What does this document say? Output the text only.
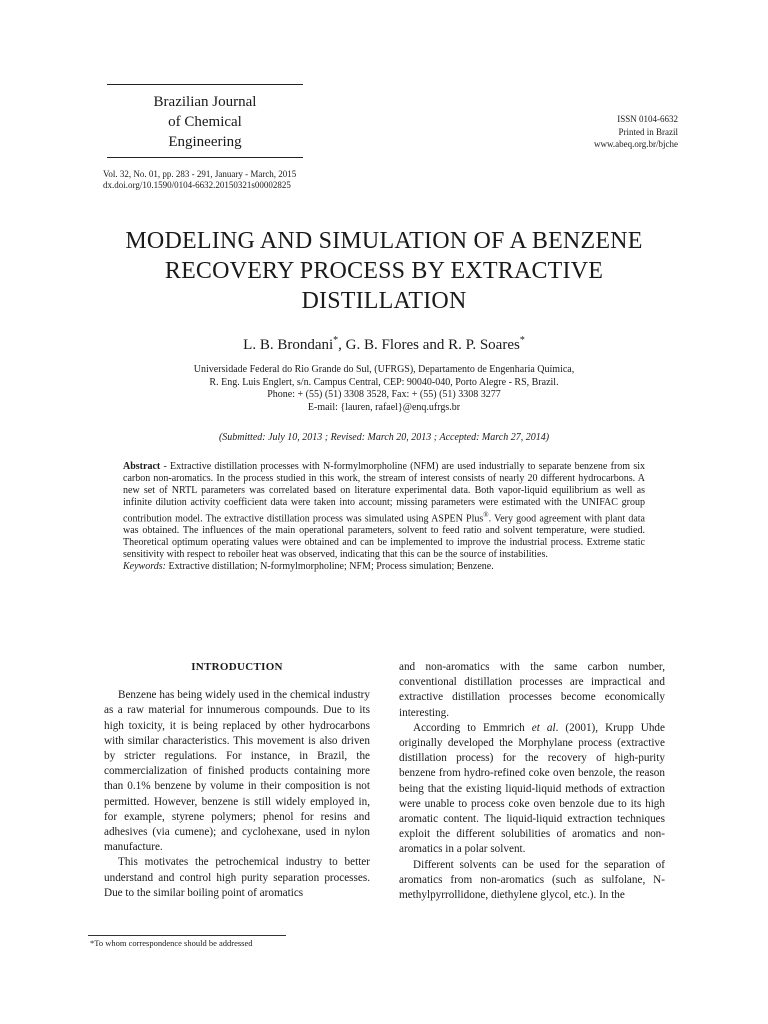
Brazilian Journal
of Chemical
Engineering
ISSN 0104-6632
Printed in Brazil
www.abeq.org.br/bjche
Vol. 32, No. 01, pp. 283 - 291, January - March, 2015
dx.doi.org/10.1590/0104-6632.20150321s00002825
MODELING AND SIMULATION OF A BENZENE
RECOVERY PROCESS BY EXTRACTIVE
DISTILLATION
L. B. Brondani*, G. B. Flores and R. P. Soares*
Universidade Federal do Rio Grande do Sul, (UFRGS), Departamento de Engenharia Química,
R. Eng. Luis Englert, s/n. Campus Central, CEP: 90040-040, Porto Alegre - RS, Brazil.
Phone: + (55) (51) 3308 3528, Fax: + (55) (51) 3308 3277
E-mail: {lauren, rafael}@enq.ufrgs.br
(Submitted: July 10, 2013 ; Revised: March 20, 2013 ; Accepted: March 27, 2014)
Abstract - Extractive distillation processes with N-formylmorpholine (NFM) are used industrially to separate benzene from six carbon non-aromatics. In the process studied in this work, the stream of interest consists of nearly 20 different hydrocarbons. A new set of NRTL parameters was correlated based on literature experimental data. Both vapor-liquid equilibrium as well as infinite dilution activity coefficient data were taken into account; missing parameters were estimated with the UNIFAC group contribution model. The extractive distillation process was simulated using ASPEN Plus®. Very good agreement with plant data was obtained. The influences of the main operational parameters, solvent to feed ratio and solvent temperature, were studied. Theoretical optimum operating values were obtained and can be implemented to improve the industrial process. Extreme static sensitivity with respect to reboiler heat was observed, indicating that this can be the source of instabilities.
Keywords: Extractive distillation; N-formylmorpholine; NFM; Process simulation; Benzene.
INTRODUCTION

Benzene has being widely used in the chemical industry as a raw material for innumerous compounds. Due to its high toxicity, it is being replaced by other hydrocarbons with similar characteristics. This movement is also driven by stricter regulations. For instance, in Brazil, the commercialization of finished products containing more than 0.1% benzene by volume in their composition is not permitted. However, benzene is still widely employed in, for example, styrene polymers; phenol for resins and adhesives (via cumene); and cyclohexane, used in nylon manufacture.

This motivates the petrochemical industry to better understand and control high purity separation processes. Due to the similar boiling point of aromatics

and non-aromatics with the same carbon number, conventional distillation processes are impractical and extractive distillation processes become economically interesting.

According to Emmrich et al. (2001), Krupp Uhde originally developed the Morphylane process (extractive distillation process) for the recovery of high-purity benzene from hydro-refined coke oven benzole, the reason being that the existing liquid-liquid methods of extraction were unable to process coke oven benzole due to its high aromatic content. The liquid-liquid extraction techniques exploit the different solubilities of aromatics and non-aromatics in a polar solvent.

Different solvents can be used for the separation of aromatics from non-aromatics (such as sulfolane, N-methylpyrrollidone, diethylene glycol, etc.). In the

*To whom correspondence should be addressed
